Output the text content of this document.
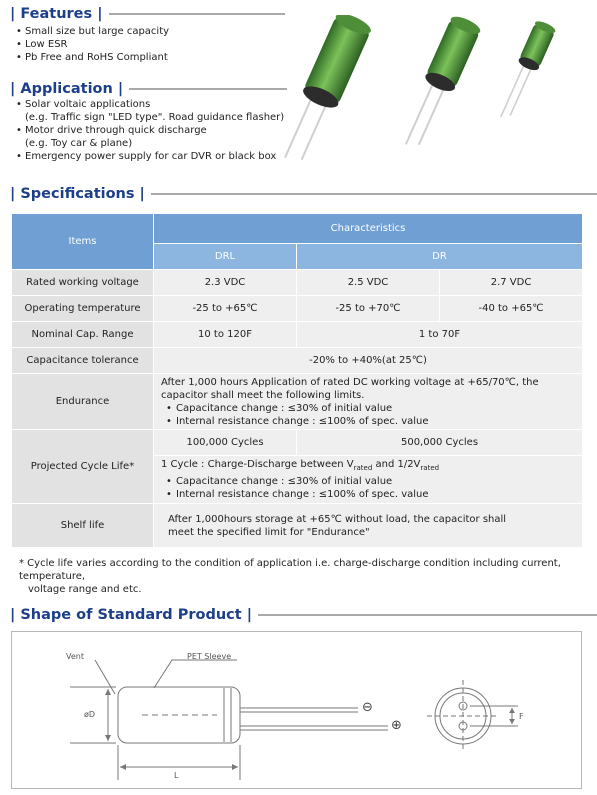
| Features |
• Small size but large capacity
• Low ESR
• Pb Free and RoHS Compliant
| Application |
• Solar voltaic applications
(e.g. Traffic sign "LED type". Road guidance flasher)
• Motor drive through quick discharge
(e.g. Toy car & plane)
• Emergency power supply for car DVR or black box
| Specifications |
Items	Characteristics		
	DRL	DR	
Rated working voltage	2.3 VDC	2.5 VDC	2.7 VDC
Operating temperature	-25 to +65℃	-25 to +70℃	-40 to +65℃
Nominal Cap. Range	10 to 120F	1 to 70F	
Capacitance tolerance	-20% to +40%(at 25℃)		
Endurance	After 1,000 hours Application of rated DC working voltage at +65/70℃, the capacitor shall meet the following limits.
• Capacitance change : ≤30% of initial value
• Internal resistance change : ≤100% of spec. value		

Projected Cycle Life*	100,000 Cycles	500,000 Cycles	

	1 Cycle : Charge-Discharge between $V_{rated}$ and $1/2V_{rated}$
• Capacitance change : ≤30% of initial value
• Internal resistance change : ≤100% of spec. value		

Shelf life	After 1,000hours storage at +65℃ without load, the capacitor shall
meet the specified limit for "Endurance"		
* Cycle life varies according to the condition of application i.e. charge-discharge condition including current, temperature,
voltage range and etc.
| Shape of Standard Product |
Vent	PET Sleeve
øD
L
F
⊖
⊕
